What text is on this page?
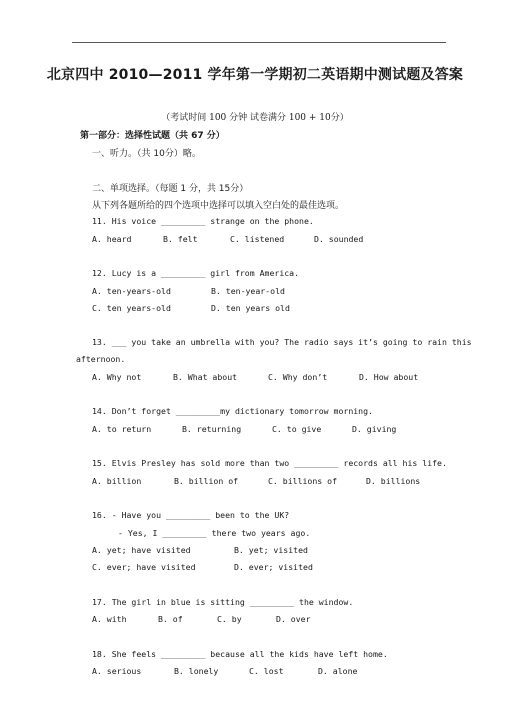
北京四中 2010—2011 学年第一学期初二英语期中测试题及答案
（考试时间 100 分钟 试卷满分 100 + 10分）
第一部分：选择性试题（共 67 分）
一、听力。（共 10分）略。
二、单项选择。（每题 1 分，共 15分）
从下列各题所给的四个选项中选择可以填入空白处的最佳选项。
11. His voice _________ strange on the phone.
A. heard	B. felt	C. listened	D. sounded
12. Lucy is a _________ girl from America.
A. ten-years-old	B. ten-year-old
C. ten years-old	D. ten years old
13. ___ you take an umbrella with you? The radio says it’s going to rain this
afternoon.
A. Why not	B. What about	C. Why don’t	D. How about
14. Don’t forget _________my dictionary tomorrow morning.
A. to return	B. returning	C. to give	D. giving
15. Elvis Presley has sold more than two _________ records all his life.
A. billion	B. billion of	C. billions of	D. billions
16. - Have you _________ been to the UK?
- Yes, I _________ there two years ago.
A. yet; have visited	B. yet; visited
C. ever; have visited	D. ever; visited
17. The girl in blue is sitting _________ the window.
A. with	B. of	C. by	D. over
18. She feels _________ because all the kids have left home.
A. serious	B. lonely	C. lost	D. alone
